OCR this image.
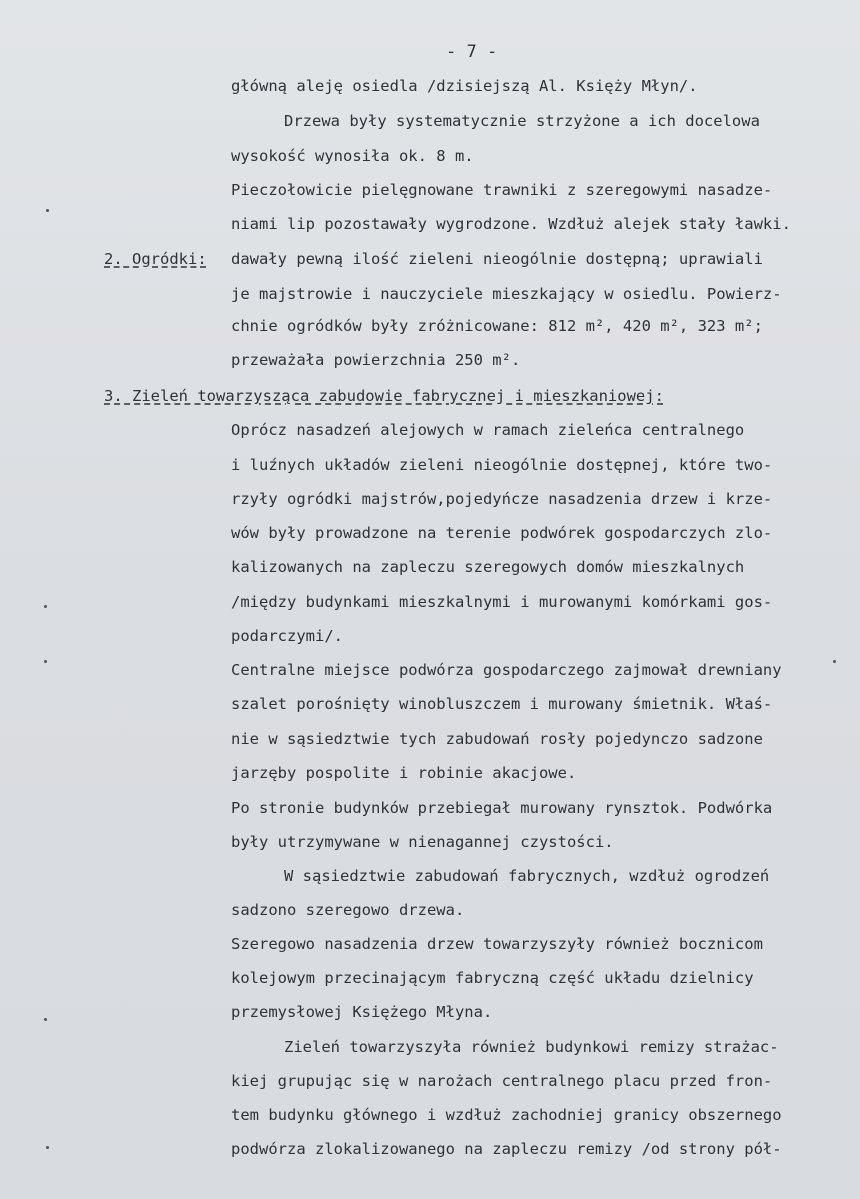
- 7 -
główną aleję osiedla /dzisiejszą Al. Księży Młyn/.
Drzewa były systematycznie strzyżone a ich docelowa
wysokość wynosiła ok. 8 m.
Pieczołowicie pielęgnowane trawniki z szeregowymi nasadze-
niami lip pozostawały wygrodzone. Wzdłuż alejek stały ławki.
2. Ogródki: dawały pewną ilość zieleni nieogólnie dostępną; uprawiali
je majstrowie i nauczyciele mieszkający w osiedlu. Powierz-
chnie ogródków były zróżnicowane: 812 m², 420 m², 323 m²;
przeważała powierzchnia 250 m².
3. Zieleń towarzysząca zabudowie fabrycznej i mieszkaniowej:
Oprócz nasadzeń alejowych w ramach zieleńca centralnego
i luźnych układów zieleni nieogólnie dostępnej, które two-
rzyły ogródki majstrów,pojedyńcze nasadzenia drzew i krze-
wów były prowadzone na terenie podwórek gospodarczych zlo-
kalizowanych na zapleczu szeregowych domów mieszkalnych
/między budynkami mieszkalnymi i murowanymi komórkami gos-
podarczymi/.
Centralne miejsce podwórza gospodarczego zajmował drewniany
szalet porośnięty winobluszczem i murowany śmietnik. Właś-
nie w sąsiedztwie tych zabudowań rosły pojedynczo sadzone
jarzęby pospolite i robinie akacjowe.
Po stronie budynków przebiegał murowany rynsztok. Podwórka
były utrzymywane w nienagannej czystości.
W sąsiedztwie zabudowań fabrycznych, wzdłuż ogrodzeń
sadzono szeregowo drzewa.
Szeregowo nasadzenia drzew towarzyszyły również bocznicom
kolejowym przecinającym fabryczną część układu dzielnicy
przemysłowej Księżego Młyna.
Zieleń towarzyszyła również budynkowi remizy strażac-
kiej grupując się w narożach centralnego placu przed fron-
tem budynku głównego i wzdłuż zachodniej granicy obszernego
podwórza zlokalizowanego na zapleczu remizy /od strony pół-
